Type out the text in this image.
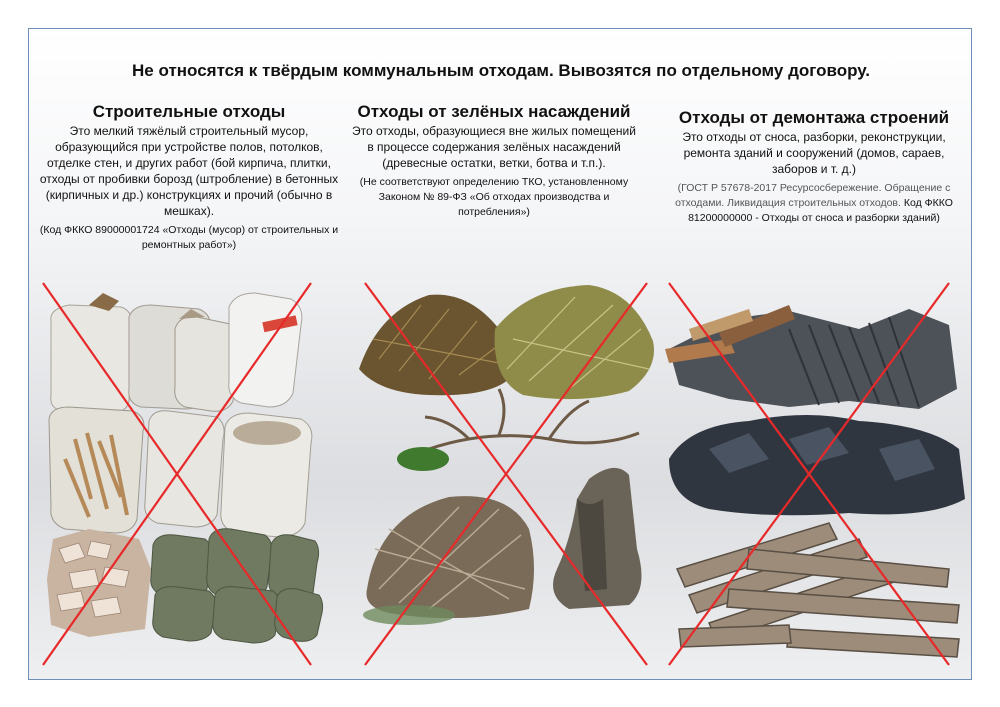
Не относятся к твёрдым коммунальным отходам. Вывозятся по отдельному договору.

Строительные отходы

Это мелкий тяжёлый строительный мусор, образующийся при устройстве полов, потолков, отделке стен, и других работ (бой кирпича, плитки, отходы от пробивки борозд (штробление) в бетонных (кирпичных и др.) конструкциях и прочий (обычно в мешках).

(Код ФККО 89000001724 «Отходы (мусор) от строительных и ремонтных работ»)

Отходы от зелёных насаждений

Это отходы, образующиеся вне жилых помещений в процессе содержания зелёных насаждений (древесные остатки, ветки, ботва и т.п.).

(Не соответствуют определению ТКО, установленному Законом № 89-ФЗ «Об отходах производства и потребления»)

Отходы от демонтажа строений

Это отходы от сноса, разборки, реконструкции, ремонта зданий и сооружений (домов, сараев, заборов и т. д.)

(ГОСТ Р 57678-2017 Ресурсосбережение. Обращение с отходами. Ликвидация строительных отходов. Код ФККО 81200000000 - Отходы от сноса и разборки зданий)
